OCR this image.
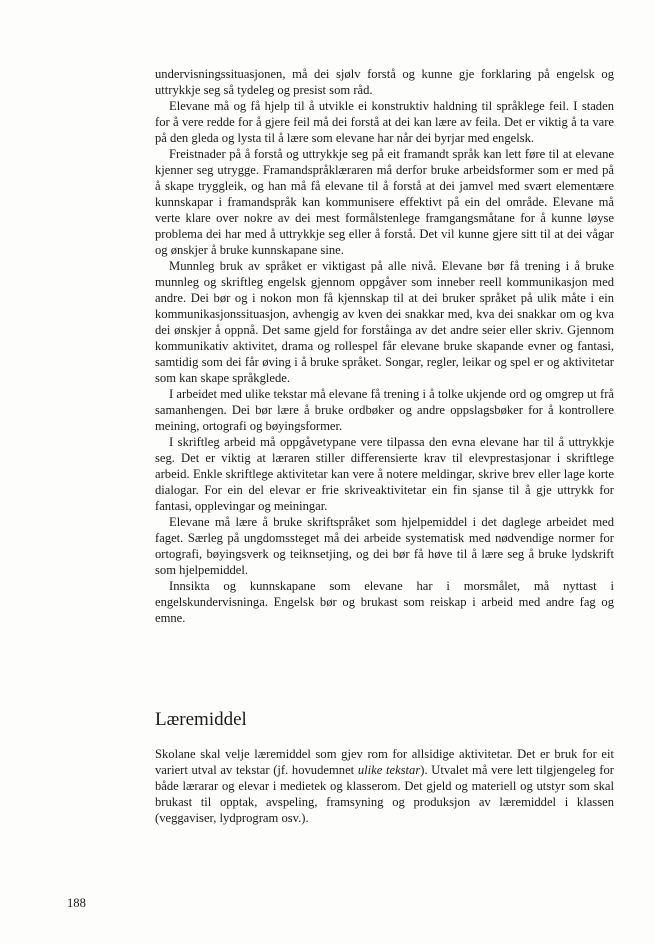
undervisningssituasjonen, må dei sjølv forstå og kunne gje forklaring på engelsk og uttrykkje seg så tydeleg og presist som råd.

Elevane må og få hjelp til å utvikle ei konstruktiv haldning til språklege feil. I staden for å vere redde for å gjere feil må dei forstå at dei kan lære av feila. Det er viktig å ta vare på den gleda og lysta til å lære som elevane har når dei byrjar med engelsk.

Freistnader på å forstå og uttrykkje seg på eit framandt språk kan lett føre til at elevane kjenner seg utrygge. Framandspråklæraren må derfor bruke arbeidsformer som er med på å skape tryggleik, og han må få elevane til å forstå at dei jamvel med svært elementære kunnskapar i framandspråk kan kommunisere effektivt på ein del område. Elevane må verte klare over nokre av dei mest formålstenlege framgangsmåtane for å kunne løyse problema dei har med å uttrykkje seg eller å forstå. Det vil kunne gjere sitt til at dei vågar og ønskjer å bruke kunnskapane sine.

Munnleg bruk av språket er viktigast på alle nivå. Elevane bør få trening i å bruke munnleg og skriftleg engelsk gjennom oppgåver som inneber reell kommunikasjon med andre. Dei bør og i nokon mon få kjennskap til at dei bruker språket på ulik måte i ein kommunikasjonssituasjon, avhengig av kven dei snakkar med, kva dei snakkar om og kva dei ønskjer å oppnå. Det same gjeld for forståinga av det andre seier eller skriv. Gjennom kommunikativ aktivitet, drama og rollespel får elevane bruke skapande evner og fantasi, samtidig som dei får øving i å bruke språket. Songar, regler, leikar og spel er og aktivitetar som kan skape språkglede.

I arbeidet med ulike tekstar må elevane få trening i å tolke ukjende ord og omgrep ut frå samanhengen. Dei bør lære å bruke ordbøker og andre oppslagsbøker for å kontrollere meining, ortografi og bøyingsformer.

I skriftleg arbeid må oppgåvetypane vere tilpassa den evna elevane har til å uttrykkje seg. Det er viktig at læraren stiller differensierte krav til elevprestasjonar i skriftlege arbeid. Enkle skriftlege aktivitetar kan vere å notere meldingar, skrive brev eller lage korte dialogar. For ein del elevar er frie skriveaktivitetar ein fin sjanse til å gje uttrykk for fantasi, opplevingar og meiningar.

Elevane må lære å bruke skriftspråket som hjelpemiddel i det daglege arbeidet med faget. Særleg på ungdomssteget må dei arbeide systematisk med nødvendige normer for ortografi, bøyingsverk og teiknsetjing, og dei bør få høve til å lære seg å bruke lydskrift som hjelpemiddel.

Innsikta og kunnskapane som elevane har i morsmålet, må nyttast i engelskundervisninga. Engelsk bør og brukast som reiskap i arbeid med andre fag og emne.

Læremiddel

Skolane skal velje læremiddel som gjev rom for allsidige aktivitetar. Det er bruk for eit variert utval av tekstar (jf. hovudemnet ulike tekstar). Utvalet må vere lett tilgjengeleg for både lærarar og elevar i medietek og klasserom. Det gjeld og materiell og utstyr som skal brukast til opptak, avspeling, framsyning og produksjon av læremiddel i klassen (veggaviser, lydprogram osv.).

188
